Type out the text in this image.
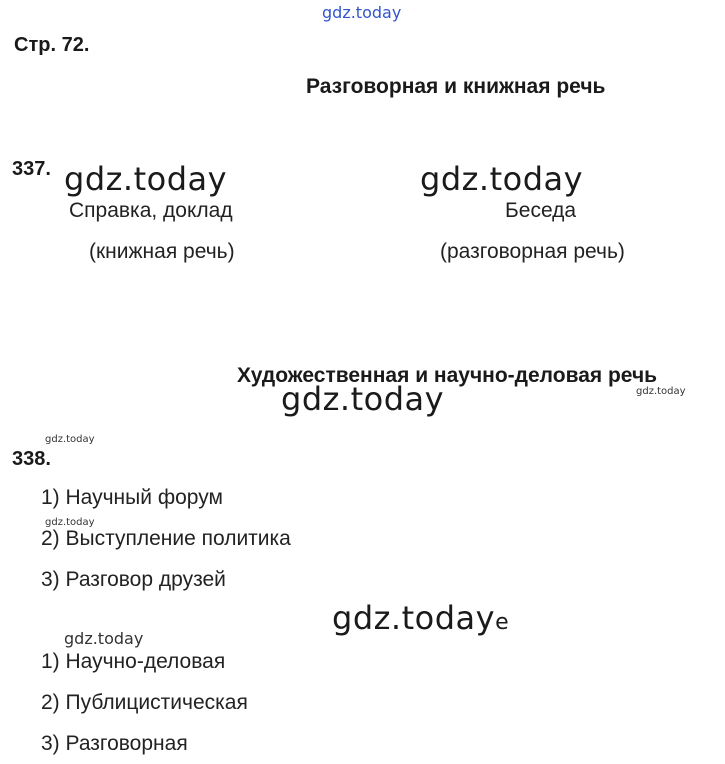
gdz.today
Стр. 72.
Разговорная и книжная речь
337. gdz.today	gdz.today
Справка, доклад
(книжная речь)
Беседа
(разговорная речь)
Художественная и научно-деловая речь
gdz.today	gdz.today
gdz.today
338.
1) Научный форум
gdz.today
2) Выступление политика
3) Разговор друзей
gdz.todaye
gdz.today
1) Научно-деловая
2) Публицистическая
3) Разговорная
